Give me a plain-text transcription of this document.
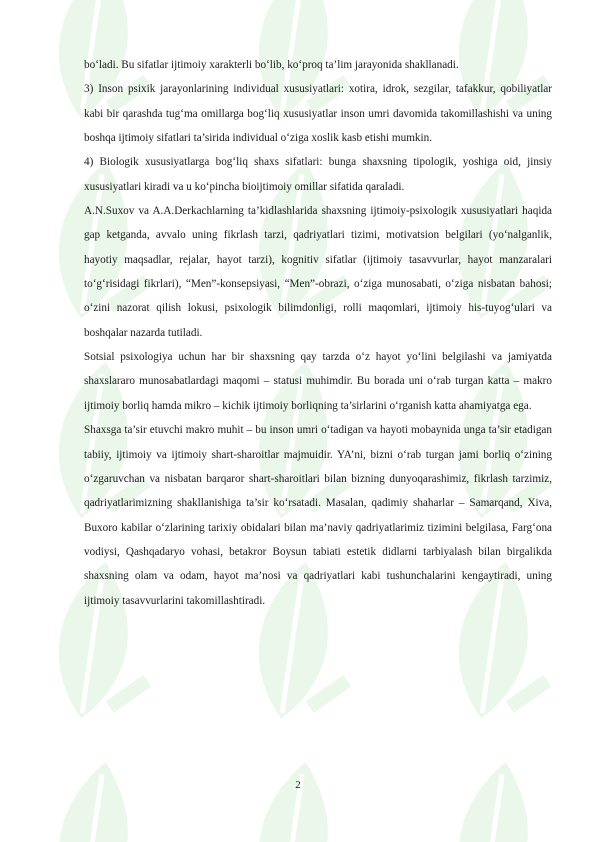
bo‘ladi. Bu sifatlar ijtimoiy xarakterli bo‘lib, ko‘proq ta’lim jarayonida shakllanadi.

3) Inson psixik jarayonlarining individual xususiyatlari: xotira, idrok, sezgilar, tafakkur, qobiliyatlar kabi bir qarashda tug‘ma omillarga bog‘liq xususiyatlar inson umri davomida takomillashishi va uning boshqa ijtimoiy sifatlari ta’sirida individual o‘ziga xoslik kasb etishi mumkin.

4) Biologik xususiyatlarga bog‘liq shaxs sifatlari: bunga shaxsning tipologik, yoshiga oid, jinsiy xususiyatlari kiradi va u ko‘pincha bioijtimoiy omillar sifatida qaraladi.

A.N.Suxov va A.A.Derkachlarning ta’kidlashlarida shaxsning ijtimoiy-psixologik xususiyatlari haqida gap ketganda, avvalo uning fikrlash tarzi, qadriyatlari tizimi, motivatsion belgilari (yo‘nalganlik, hayotiy maqsadlar, rejalar, hayot tarzi), kognitiv sifatlar (ijtimoiy tasavvurlar, hayot manzaralari to‘g‘risidagi fikrlari), “Men”-konsepsiyasi, “Men”-obrazi, o‘ziga munosabati, o‘ziga nisbatan bahosi; o‘zini nazorat qilish lokusi, psixologik bilimdonligi, rolli maqomlari, ijtimoiy his-tuyog‘ulari va boshqalar nazarda tutiladi.

Sotsial psixologiya uchun har bir shaxsning qay tarzda o‘z hayot yo‘lini belgilashi va jamiyatda shaxslararo munosabatlardagi maqomi – statusi muhimdir. Bu borada uni o‘rab turgan katta – makro ijtimoiy borliq hamda mikro – kichik ijtimoiy borliqning ta’sirlarini o‘rganish katta ahamiyatga ega.

Shaxsga ta’sir etuvchi makro muhit – bu inson umri o‘tadigan va hayoti mobaynida unga ta’sir etadigan tabiiy, ijtimoiy va ijtimoiy shart-sharoitlar majmuidir. YA’ni, bizni o‘rab turgan jami borliq o‘zining o‘zgaruvchan va nisbatan barqaror shart-sharoitlari bilan bizning dunyoqarashimiz, fikrlash tarzimiz, qadriyatlarimizning shakllanishiga ta’sir ko‘rsatadi. Masalan, qadimiy shaharlar – Samarqand, Xiva, Buxoro kabilar o‘zlarining tarixiy obidalari bilan ma’naviy qadriyatlarimiz tizimini belgilasa, Farg‘ona vodiysi, Qashqadaryo vohasi, betakror Boysun tabiati estetik didlarni tarbiyalash bilan birgalikda shaxsning olam va odam, hayot ma’nosi va qadriyatlari kabi tushunchalarini kengaytiradi, uning ijtimoiy tasavvurlarini takomillashtiradi.

2
